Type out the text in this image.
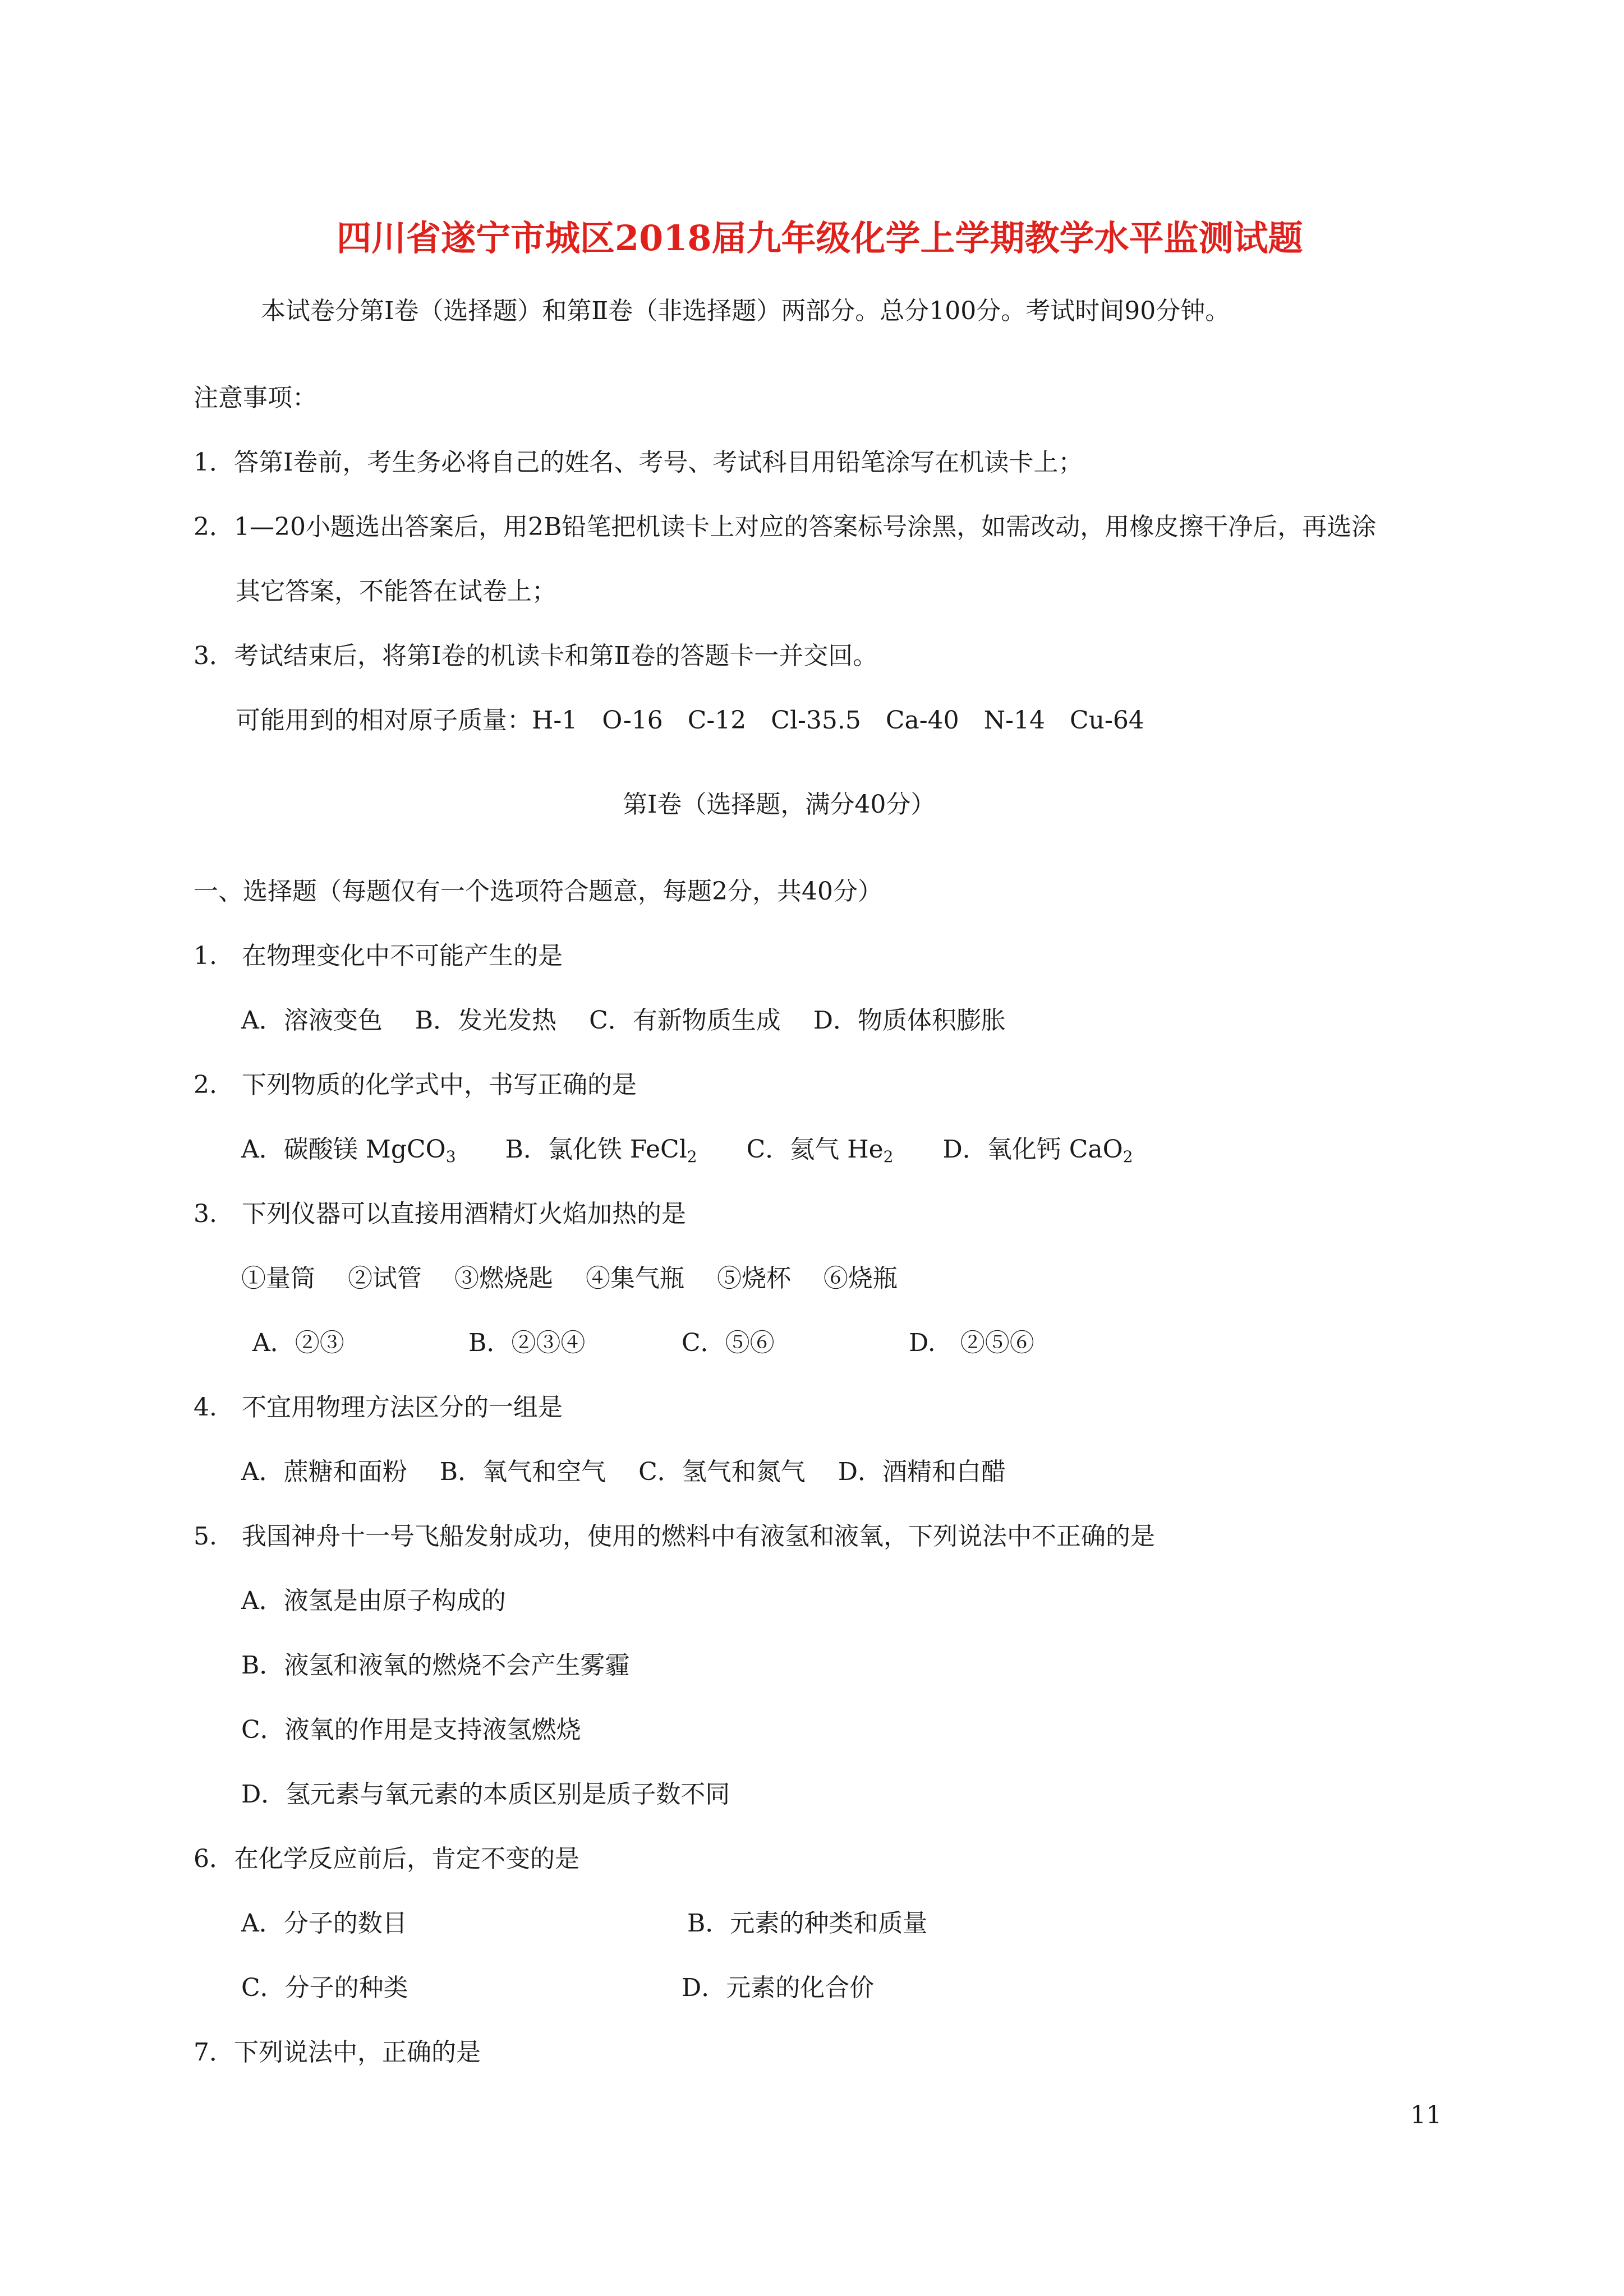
四川省遂宁市城区2018届九年级化学上学期教学水平监测试题
本试卷分第Ⅰ卷（选择题）和第Ⅱ卷（非选择题）两部分。总分100分。考试时间90分钟。
注意事项：
1．答第Ⅰ卷前，考生务必将自己的姓名、考号、考试科目用铅笔涂写在机读卡上；
2．1—20小题选出答案后，用2B铅笔把机读卡上对应的答案标号涂黑，如需改动，用橡皮擦干净后，再选涂
其它答案，不能答在试卷上；
3．考试结束后，将第Ⅰ卷的机读卡和第Ⅱ卷的答题卡一并交回。
可能用到的相对原子质量：H-1　O-16　C-12　Cl-35.5　Ca-40　N-14　Cu-64
第Ⅰ卷（选择题，满分40分）
一、选择题（每题仅有一个选项符合题意，每题2分，共40分）
1.　在物理变化中不可能产生的是
A．溶液变色　 B．发光发热　 C．有新物质生成　 D．物质体积膨胀
2.　下列物质的化学式中，书写正确的是
A．碳酸镁 MgCO$_3$ B．氯化铁 FeCl$_2$ C．氦气 $He_2$ D．氧化钙 CaO$_2$
3.　下列仪器可以直接用酒精灯火焰加热的是
①量筒　 ②试管　 ③燃烧匙　 ④集气瓶　 ⑤烧杯　 ⑥烧瓶
A．②③	B．②③④	C．⑤⑥	D.　②⑤⑥
4.　不宜用物理方法区分的一组是
A．蔗糖和面粉　 B．氧气和空气　 C．氢气和氮气　 D．酒精和白醋
5.　我国神舟十一号飞船发射成功，使用的燃料中有液氢和液氧，下列说法中不正确的是
A．液氢是由原子构成的
B．液氢和液氧的燃烧不会产生雾霾
C．液氧的作用是支持液氢燃烧
D．氢元素与氧元素的本质区别是质子数不同
6．在化学反应前后，肯定不变的是
A．分子的数目	B．元素的种类和质量
C．分子的种类	D．元素的化合价
7．下列说法中，正确的是
11
